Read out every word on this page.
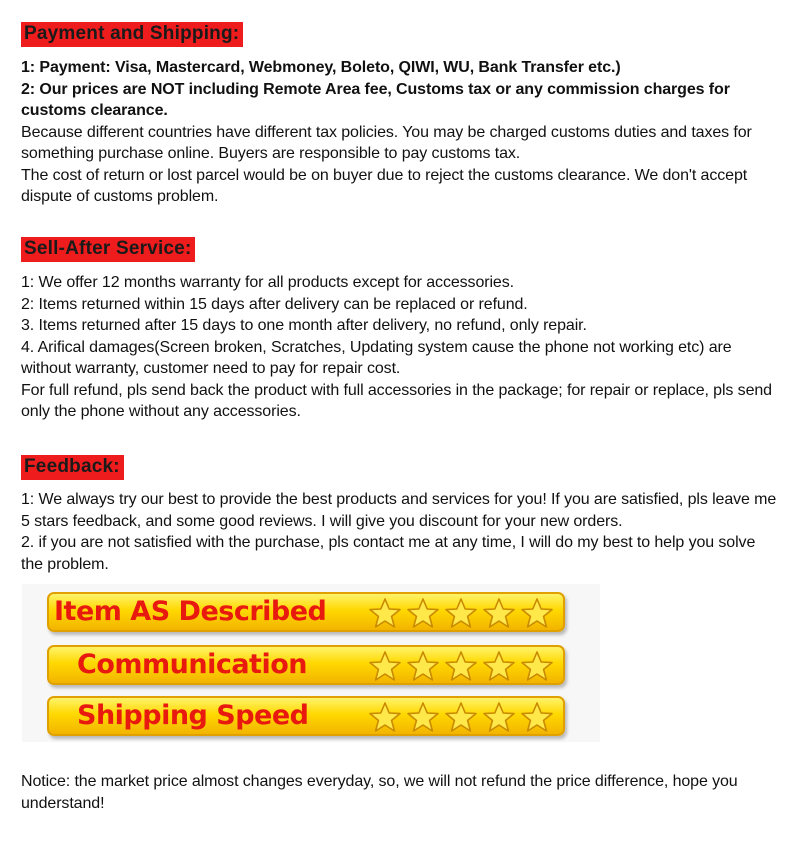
Payment and Shipping:

1: Payment: Visa, Mastercard, Webmoney, Boleto, QIWI, WU, Bank Transfer etc.)

2: Our prices are NOT including Remote Area fee, Customs tax or any commission charges for customs clearance.

Because different countries have different tax policies. You may be charged customs duties and taxes for something purchase online. Buyers are responsible to pay customs tax.

The cost of return or lost parcel would be on buyer due to reject the customs clearance. We don't accept dispute of customs problem.

Sell-After Service:

1: We offer 12 months warranty for all products except for accessories.

2: Items returned within 15 days after delivery can be replaced or refund.

3. Items returned after 15 days to one month after delivery, no refund, only repair.

4. Arifical damages(Screen broken, Scratches, Updating system cause the phone not working etc) are without warranty, customer need to pay for repair cost.

For full refund, pls send back the product with full accessories in the package; for repair or replace, pls send only the phone without any accessories.

Feedback:

1: We always try our best to provide the best products and services for you! If you are satisfied, pls leave me 5 stars feedback, and some good reviews. I will give you discount for your new orders.

2. if you are not satisfied with the purchase, pls contact me at any time, I will do my best to help you solve the problem.

Item AS Described
Communication
Shipping Speed

Notice: the market price almost changes everyday, so, we will not refund the price difference, hope you understand!
